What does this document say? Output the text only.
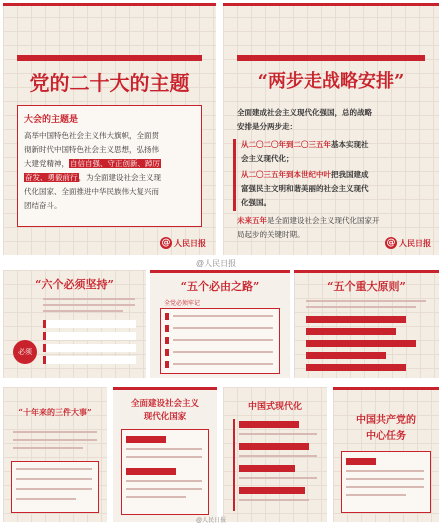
党的二十大的主题
大会的主题是
高举中国特色社会主义伟大旗帜，全面贯
彻新时代中国特色社会主义思想，弘扬伟
大建党精神，自信自强、守正创新、踔厉
奋发、勇毅前行，为全面建设社会主义现
代化国家、全面推进中华民族伟大复兴而
团结奋斗。
@ 人民日报
“两步走战略安排”
全面建成社会主义现代化强国，总的战略
安排是分两步走：
从二〇二〇年到二〇三五年基本实现社
会主义现代化；
从二〇三五年到本世纪中叶把我国建成
富强民主文明和谐美丽的社会主义现代
化强国。
未来五年是全面建设社会主义现代化国家开
局起步的关键时期。
@ 人民日报
@人民日报
“六个必须坚持”
必须
“五个必由之路”
全党必须牢记
“五个重大原则”
“十年来的三件大事”
全面建设社会主义
现代化国家
中国式现代化
中国共产党的
中心任务
@人民日报
